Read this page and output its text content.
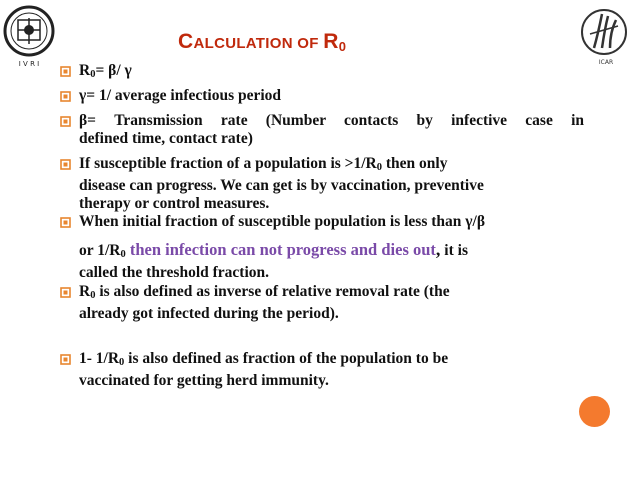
I V R I	ICAR
CALCULATION OF $R_0$
$R_0= \beta/$ γ
γ= 1/ average infectious period
β= Transmission rate (Number contacts by infective case in
defined time, contact rate)
If susceptible fraction of a population is $>1/R_0$ then only
disease can progress. We can get is by vaccination, preventive
therapy or control measures.
When initial fraction of susceptible population is less than γ/β
or $1/R_0$ then infection can not progress and dies out, it is
called the threshold fraction.
$R_0$ is also defined as inverse of relative removal rate (the
already got infected during the period).
1- $1/R_0$ is also defined as fraction of the population to be
vaccinated for getting herd immunity.
